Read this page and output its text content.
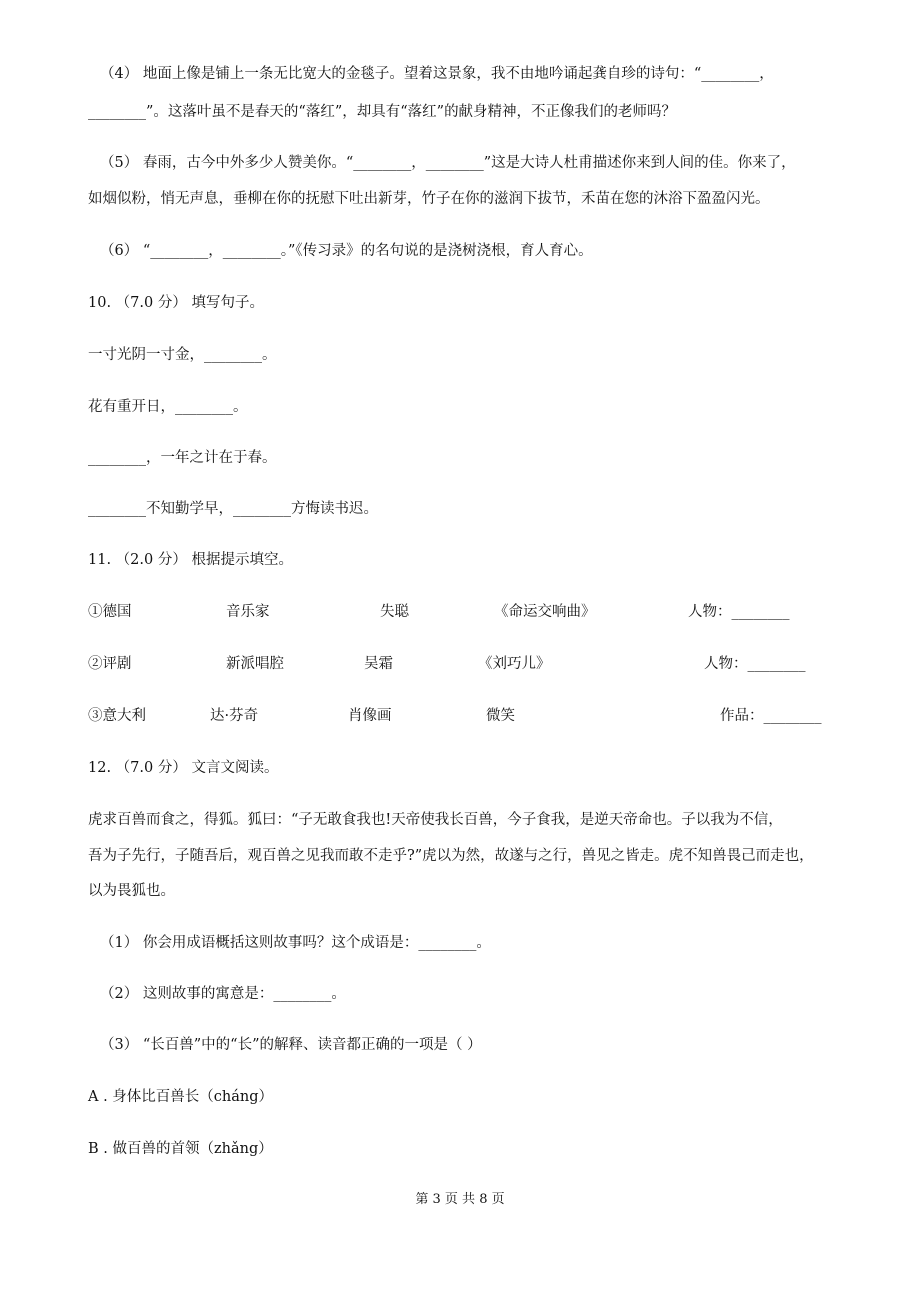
（4） 地面上像是铺上一条无比宽大的金毯子。望着这景象，我不由地吟诵起龚自珍的诗句：“________，
________”。这落叶虽不是春天的“落红”，却具有“落红”的献身精神，不正像我们的老师吗？
（5） 春雨，古今中外多少人赞美你。“________，________”这是大诗人杜甫描述你来到人间的佳。你来了，
如烟似粉，悄无声息，垂柳在你的抚慰下吐出新芽，竹子在你的滋润下拔节，禾苗在您的沐浴下盈盈闪光。
（6） “________，________。”《传习录》的名句说的是浇树浇根，育人育心。
10. （7.0 分） 填写句子。
一寸光阴一寸金，________。
花有重开日，________。
________，一年之计在于春。
________不知勤学早，________方悔读书迟。
11. （2.0 分） 根据提示填空。
①德国	音乐家	失聪	《命运交响曲》	人物：________
②评剧	新派唱腔	吴霜	《刘巧儿》	人物：________
③意大利	达·芬奇	肖像画	微笑	作品：________
12. （7.0 分） 文言文阅读。
虎求百兽而食之，得狐。狐曰：“子无敢食我也!天帝使我长百兽，今子食我，是逆天帝命也。子以我为不信，
吾为子先行，子随吾后，观百兽之见我而敢不走乎?”虎以为然，故遂与之行，兽见之皆走。虎不知兽畏己而走也，
以为畏狐也。
（1） 你会用成语概括这则故事吗？这个成语是：________。
（2） 这则故事的寓意是：________。
（3） “长百兽”中的“长”的解释、读音都正确的一项是（ ）
A . 身体比百兽长（cháng）
B . 做百兽的首领（zhǎng）
第 3 页 共 8 页
